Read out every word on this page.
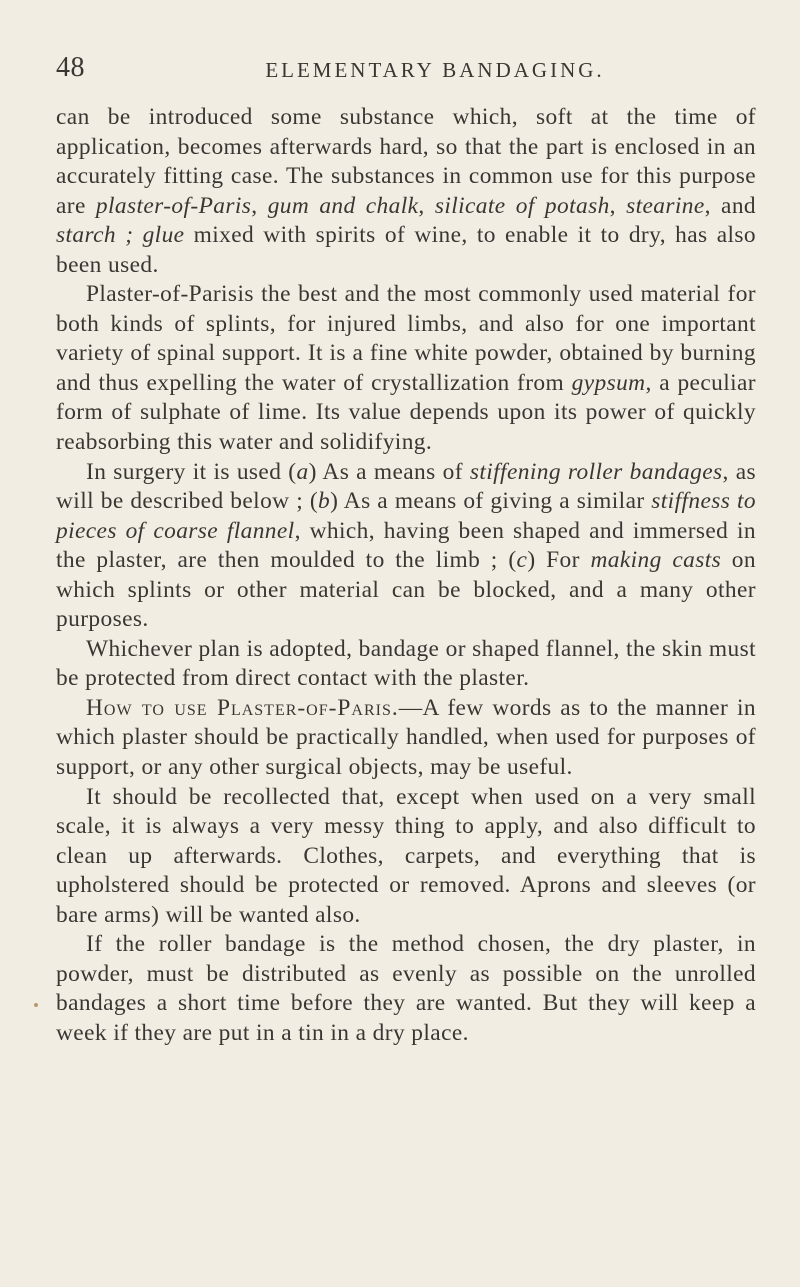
48	ELEMENTARY BANDAGING.

can be introduced some substance which, soft at the time of application, becomes afterwards hard, so that the part is enclosed in an accurately fitting case. The substances in common use for this purpose are plaster-of-Paris, gum and chalk, silicate of potash, stearine, and starch ; glue mixed with spirits of wine, to enable it to dry, has also been used.

Plaster-of-Parisis the best and the most commonly used material for both kinds of splints, for injured limbs, and also for one important variety of spinal support. It is a fine white powder, obtained by burning and thus expelling the water of crystallization from gypsum, a peculiar form of sulphate of lime. Its value depends upon its power of quickly reabsorbing this water and solidifying.

In surgery it is used (a) As a means of stiffening roller bandages, as will be described below ; (b) As a means of giving a similar stiffness to pieces of coarse flannel, which, having been shaped and immersed in the plaster, are then moulded to the limb ; (c) For making casts on which splints or other material can be blocked, and a many other purposes.

Whichever plan is adopted, bandage or shaped flannel, the skin must be protected from direct contact with the plaster.

How to use Plaster-of-Paris.—A few words as to the manner in which plaster should be practically handled, when used for purposes of support, or any other surgical objects, may be useful.

It should be recollected that, except when used on a very small scale, it is always a very messy thing to apply, and also difficult to clean up afterwards. Clothes, carpets, and everything that is upholstered should be protected or removed. Aprons and sleeves (or bare arms) will be wanted also.

If the roller bandage is the method chosen, the dry plaster, in powder, must be distributed as evenly as possible on the unrolled bandages a short time before they are wanted. But they will keep a week if they are put in a tin in a dry place.
